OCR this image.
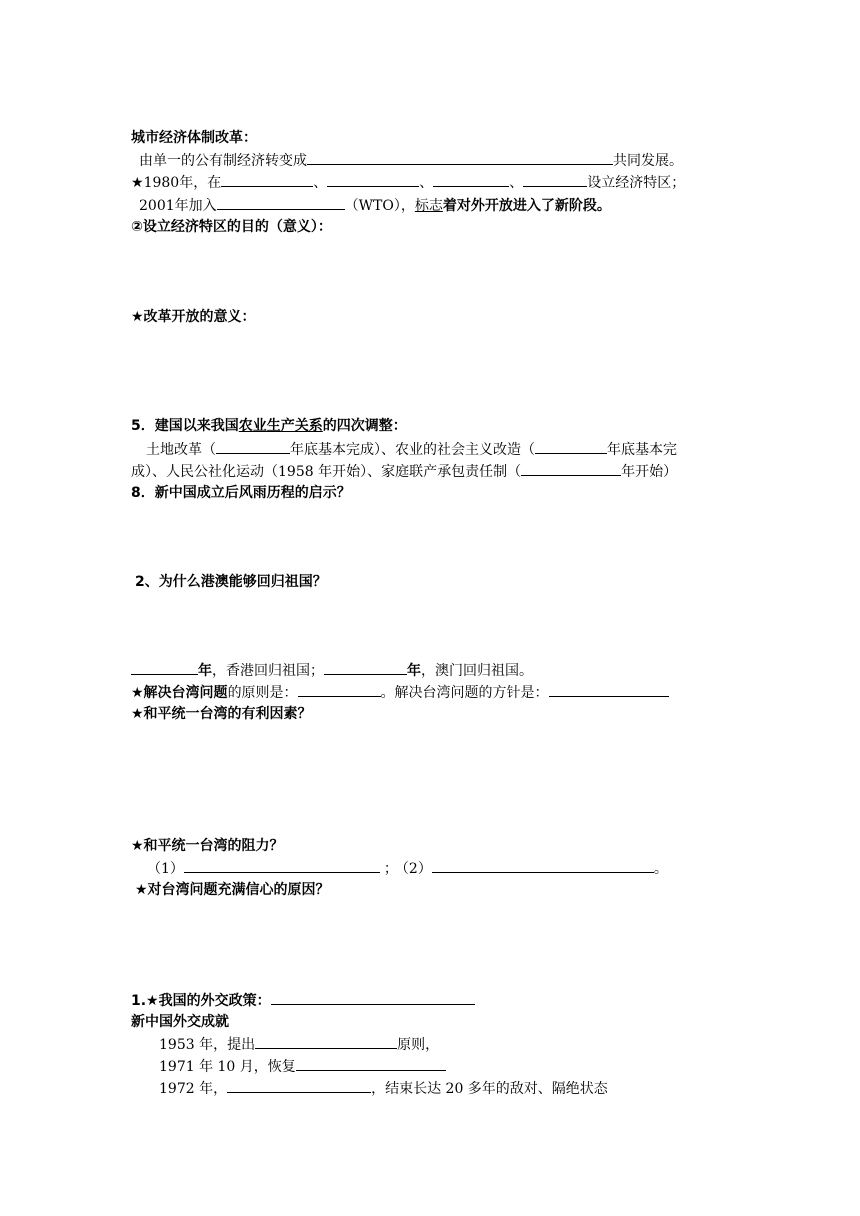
城市经济体制改革：
由单一的公有制经济转变成	共同发展。
★1980年，在	、	、	、	设立经济特区；
2001年加入	（WTO），标志着对外开放进入了新阶段。
②设立经济特区的目的（意义）：
★改革开放的意义：
5．建国以来我国农业生产关系的四次调整：
土地改革（	年底基本完成）、农业的社会主义改造（	年底基本完
成）、人民公社化运动（1958 年开始）、家庭联产承包责任制（	年开始）
8．新中国成立后风雨历程的启示？
2、为什么港澳能够回归祖国？
年，香港回归祖国；	年，澳门回归祖国。
★解决台湾问题的原则是：	。解决台湾问题的方针是：
★和平统一台湾的有利因素？
★和平统一台湾的阻力？
（1）	； （2）	。
★对台湾问题充满信心的原因？
1.★我国的外交政策：
新中国外交成就
1953 年，提出	原则，
1971 年 10 月，恢复
1972 年，	，结束长达 20 多年的敌对、隔绝状态
